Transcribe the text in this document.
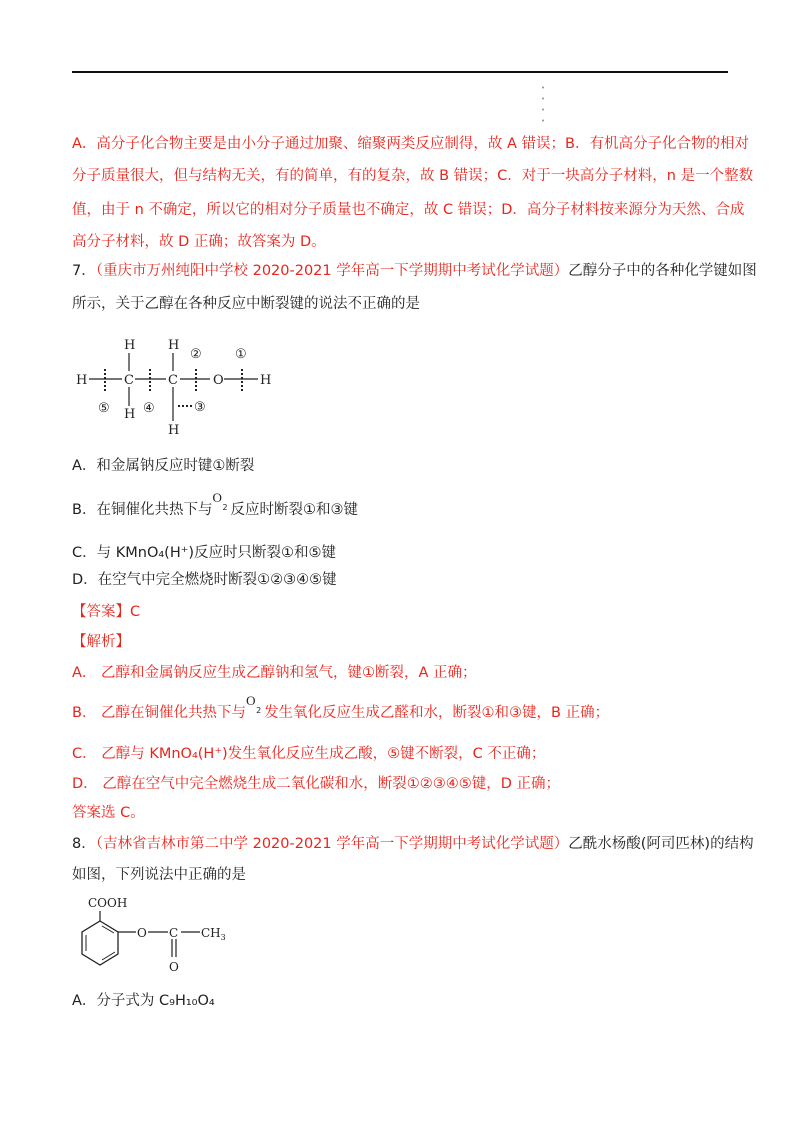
A．高分子化合物主要是由小分子通过加聚、缩聚两类反应制得，故 A 错误；B．有机高分子化合物的相对
分子质量很大，但与结构无关，有的简单，有的复杂，故 B 错误；C．对于一块高分子材料，n 是一个整数
值，由于 n 不确定，所以它的相对分子质量也不确定，故 C 错误；D．高分子材料按来源分为天然、合成
高分子材料，故 D 正确；故答案为 D。
7．（重庆市万州纯阳中学校 2020-2021 学年高一下学期期中考试化学试题）乙醇分子中的各种化学键如图
所示，关于乙醇在各种反应中断裂键的说法不正确的是
H
H
C
H
H
C
H
O	H
②	①
③
④
⑤
A．和金属钠反应时键①断裂
B．在铜催化共热下与
O
2 反应时断裂①和③键
C．与 KMnO₄(H⁺)反应时只断裂①和⑤键
D．在空气中完全燃烧时断裂①②③④⑤键
【答案】C
【解析】
A． 乙醇和金属钠反应生成乙醇钠和氢气，键①断裂，A 正确；
B． 乙醇在铜催化共热下与
O
2 发生氧化反应生成乙醛和水，断裂①和③键，B 正确；
C． 乙醇与 KMnO₄(H⁺)发生氧化反应生成乙酸，⑤键不断裂，C 不正确；
D． 乙醇在空气中完全燃烧生成二氧化碳和水，断裂①②③④⑤键，D 正确；
答案选 C。
8．（吉林省吉林市第二中学 2020-2021 学年高一下学期期中考试化学试题）乙酰水杨酸(阿司匹林)的结构
如图，下列说法中正确的是
COOH
O C $CH_3$
O
A．分子式为 C₉H₁₀O₄
